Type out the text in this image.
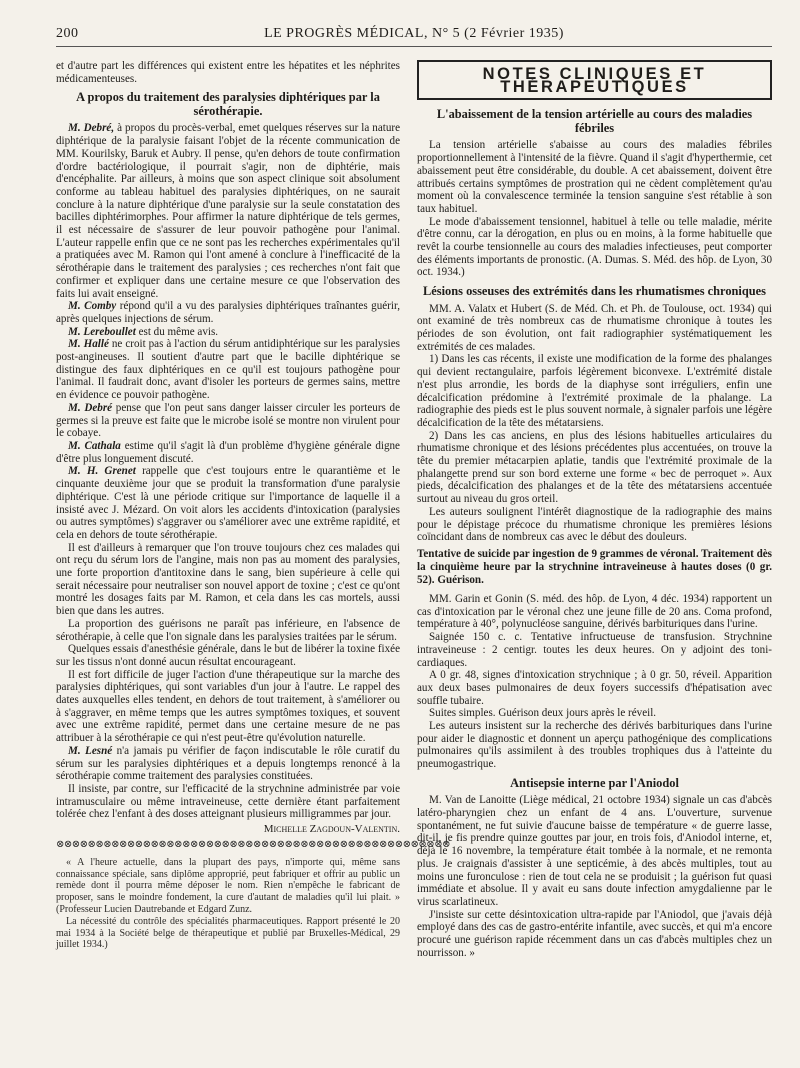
200	LE PROGRÈS MÉDICAL, N° 5 (2 Février 1935)

et d'autre part les différences qui existent entre les hépatites et les néphrites médicamenteuses.

A propos du traitement des paralysies diphtériques par la sérothérapie.

M. Debré, à propos du procès-verbal, emet quelques réserves sur la nature diphtérique de la paralysie faisant l'objet de la récente communication de MM. Kourilsky, Baruk et Aubry. Il pense, qu'en dehors de toute confirmation d'ordre bactériologique, il pourrait s'agir, non de diphtérie, mais d'encéphalite. Par ailleurs, à moins que son aspect clinique soit absolument conforme au tableau habituel des paralysies diphtériques, on ne saurait conclure à la nature diphtérique d'une paralysie sur la seule constatation des bacilles diphtérimorphes. Pour affirmer la nature diphtérique de tels germes, il est nécessaire de s'assurer de leur pouvoir pathogène pour l'animal. L'auteur rappelle enfin que ce ne sont pas les recherches expérimentales qu'il a pratiquées avec M. Ramon qui l'ont amené à conclure à l'inefficacité de la sérothérapie dans le traitement des paralysies ; ces recherches n'ont fait que confirmer et expliquer dans une certaine mesure ce que l'observation des faits lui avait enseigné.

M. Comby répond qu'il a vu des paralysies diphtériques traînantes guérir, après quelques injections de sérum.

M. Lereboullet est du même avis.

M. Hallé ne croit pas à l'action du sérum antidiphtérique sur les paralysies post-angineuses. Il soutient d'autre part que le bacille diphtérique se distingue des faux diphtériques en ce qu'il est toujours pathogène pour l'animal. Il faudrait donc, avant d'isoler les porteurs de germes sains, mettre en évidence ce pouvoir pathogène.

M. Debré pense que l'on peut sans danger laisser circuler les porteurs de germes si la preuve est faite que le microbe isolé se montre non virulent pour le cobaye.

M. Cathala estime qu'il s'agit là d'un problème d'hygiène générale digne d'être plus longuement discuté.

M. H. Grenet rappelle que c'est toujours entre le quarantième et le cinquante deuxième jour que se produit la transformation d'une paralysie diphtérique. C'est là une période critique sur l'importance de laquelle il a insisté avec J. Mézard. On voit alors les accidents d'intoxication (paralysies ou autres symptômes) s'aggraver ou s'améliorer avec une extrême rapidité, et cela en dehors de toute sérothérapie.

Il est d'ailleurs à remarquer que l'on trouve toujours chez ces malades qui ont reçu du sérum lors de l'angine, mais non pas au moment des paralysies, une forte proportion d'antitoxine dans le sang, bien supérieure à celle qui serait nécessaire pour neutraliser son nouvel apport de toxine ; c'est ce qu'ont montré les dosages faits par M. Ramon, et cela dans les cas mortels, aussi bien que dans les autres.

La proportion des guérisons ne paraît pas inférieure, en l'absence de sérothérapie, à celle que l'on signale dans les paralysies traitées par le sérum.

Quelques essais d'anesthésie générale, dans le but de libérer la toxine fixée sur les tissus n'ont donné aucun résultat encourageant.

Il est fort difficile de juger l'action d'une thérapeutique sur la marche des paralysies diphtériques, qui sont variables d'un jour à l'autre. Le rappel des dates auxquelles elles tendent, en dehors de tout traitement, à s'améliorer ou à s'aggraver, en même temps que les autres symptômes toxiques, et souvent avec une extrême rapidité, permet dans une certaine mesure de ne pas attribuer à la sérothérapie ce qui n'est peut-être qu'évolution naturelle.

M. Lesné n'a jamais pu vérifier de façon indiscutable le rôle curatif du sérum sur les paralysies diphtériques et a depuis longtemps renoncé à la sérothérapie comme traitement des paralysies constituées.

Il insiste, par contre, sur l'efficacité de la strychnine administrée par voie intramusculaire ou même intraveineuse, cette dernière étant parfaitement tolérée chez l'enfant à des doses atteignant plusieurs milligrammes par jour.

Michelle Zagdoun-Valentin.
⊗⊗⊗⊗⊗⊗⊗⊗⊗⊗⊗⊗⊗⊗⊗⊗⊗⊗⊗⊗⊗⊗⊗⊗⊗⊗⊗⊗⊗⊗⊗⊗⊗⊗⊗⊗⊗⊗⊗⊗⊗⊗⊗⊗⊗⊗⊗⊗⊗⊗

« A l'heure actuelle, dans la plupart des pays, n'importe qui, même sans connaissance spéciale, sans diplôme approprié, peut fabriquer et offrir au public un remède dont il pourra même déposer le nom. Rien n'empêche le fabricant de proposer, sans le moindre fondement, la cure d'autant de maladies qu'il lui plait. » (Professeur Lucien Dautrebande et Edgard Zunz.

La nécessité du contrôle des spécialités pharmaceutiques. Rapport présenté le 20 mai 1934 à la Société belge de thérapeutique et publié par Bruxelles-Médical, 29 juillet 1934.)

NOTES CLINIQUES ET THÉRAPEUTIQUES
L'abaissement de la tension artérielle au cours des maladies fébriles

La tension artérielle s'abaisse au cours des maladies fébriles proportionnellement à l'intensité de la fièvre. Quand il s'agit d'hyperthermie, cet abaissement peut être considérable, du double. A cet abaissement, doivent être attribués certains symptômes de prostration qui ne cèdent complètement qu'au moment où la convalescence terminée la tension sanguine s'est rétablie à son taux habituel.

Le mode d'abaissement tensionnel, habituel à telle ou telle maladie, mérite d'être connu, car la dérogation, en plus ou en moins, à la forme habituelle que revêt la courbe tensionnelle au cours des maladies infectieuses, peut comporter des éléments importants de pronostic. (A. Dumas. S. Méd. des hôp. de Lyon, 30 oct. 1934.)

Lésions osseuses des extrémités dans les rhumatismes chroniques

MM. A. Valatx et Hubert (S. de Méd. Ch. et Ph. de Toulouse, oct. 1934) qui ont examiné de très nombreux cas de rhumatisme chronique à toutes les périodes de son évolution, ont fait radiographier systématiquement les extrémités de ces malades.

1) Dans les cas récents, il existe une modification de la forme des phalanges qui devient rectangulaire, parfois légèrement biconvexe. L'extrémité distale n'est plus arrondie, les bords de la diaphyse sont irréguliers, enfin une décalcification prédomine à l'extrémité proximale de la phalange. La radiographie des pieds est le plus souvent normale, à signaler parfois une légère décalcification de la tête des métatarsiens.

2) Dans les cas anciens, en plus des lésions habituelles articulaires du rhumatisme chronique et des lésions précédentes plus accentuées, on trouve la tête du premier métacarpien aplatie, tandis que l'extrémité proximale de la phalangette prend sur son bord externe une forme « bec de perroquet ». Aux pieds, décalcification des phalanges et de la tête des métatarsiens accentuée surtout au niveau du gros orteil.

Les auteurs soulignent l'intérêt diagnostique de la radiographie des mains pour le dépistage précoce du rhumatisme chronique les premières lésions coïncidant dans de nombreux cas avec le début des douleurs.

Tentative de suicide par ingestion de 9 grammes de véronal. Traitement dès la cinquième heure par la strychnine intraveineuse à hautes doses (0 gr. 52). Guérison.

MM. Garin et Gonin (S. méd. des hôp. de Lyon, 4 déc. 1934) rapportent un cas d'intoxication par le véronal chez une jeune fille de 20 ans. Coma profond, température à 40°, polynucléose sanguine, dérivés barbituriques dans l'urine.

Saignée 150 c. c. Tentative infructueuse de transfusion. Strychnine intraveineuse : 2 centigr. toutes les deux heures. On y adjoint des toni-cardiaques.

A 0 gr. 48, signes d'intoxication strychnique ; à 0 gr. 50, réveil. Apparition aux deux bases pulmonaires de deux foyers successifs d'hépatisation avec souffle tubaire.

Suites simples. Guérison deux jours après le réveil.

Les auteurs insistent sur la recherche des dérivés barbituriques dans l'urine pour aider le diagnostic et donnent un aperçu pathogénique des complications pulmonaires qu'ils assimilent à des troubles trophiques dus à l'atteinte du pneumogastrique.

Antisepsie interne par l'Aniodol

M. Van de Lanoitte (Liège médical, 21 octobre 1934) signale un cas d'abcès latéro-pharyngien chez un enfant de 4 ans. L'ouverture, survenue spontanément, ne fut suivie d'aucune baisse de température « de guerre lasse, dit-il, je fis prendre quinze gouttes par jour, en trois fois, d'Aniodol interne, et, déjà le 16 novembre, la température était tombée à la normale, et ne remonta plus. Je craignais d'assister à une septicémie, à des abcès multiples, tout au moins une furonculose : rien de tout cela ne se produisit ; la guérison fut quasi immédiate et absolue. Il y avait eu sans doute infection amygdalienne par le virus scarlatineux.

J'insiste sur cette désintoxication ultra-rapide par l'Aniodol, que j'avais déjà employé dans des cas de gastro-entérite infantile, avec succès, et qui m'a encore procuré une guérison rapide récemment dans un cas d'abcès multiples chez un nourrisson. »
